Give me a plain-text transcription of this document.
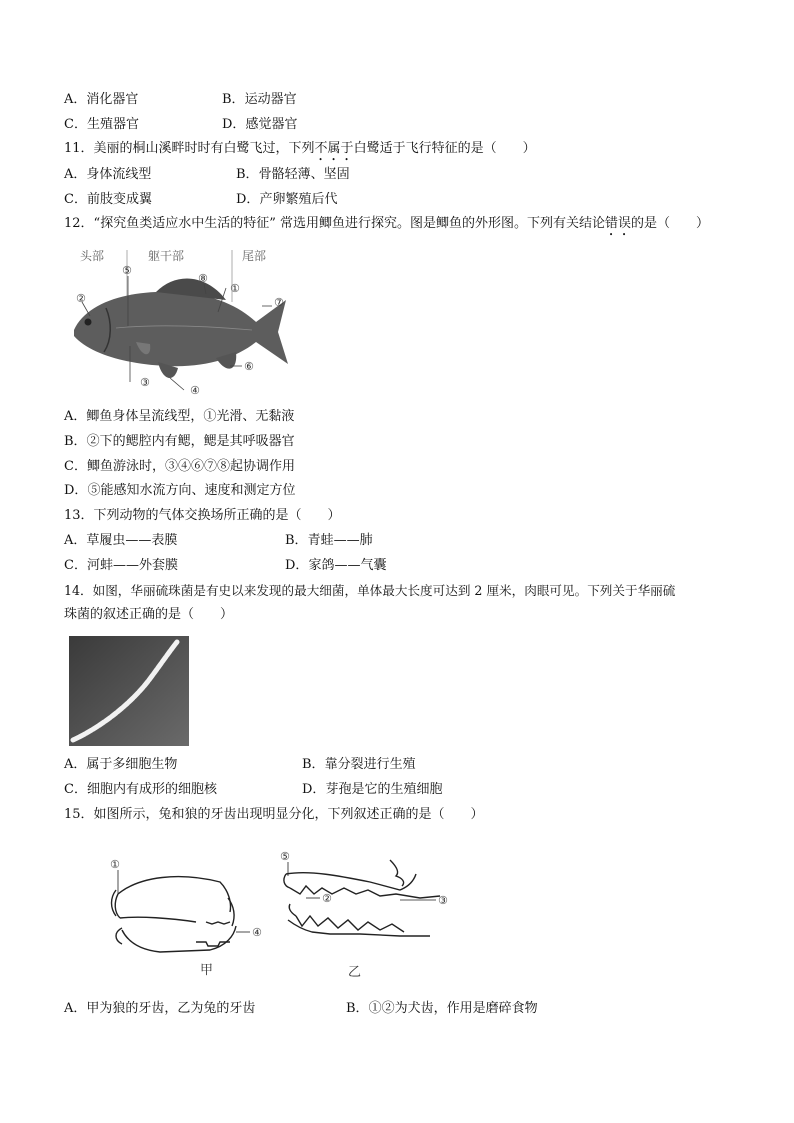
A．消化器官	B．运动器官
C．生殖器官	D．感觉器官
11．美丽的桐山溪畔时时有白鹭飞过，下列不属于白鹭适于飞行特征的是（　　）
A．身体流线型	B．骨骼轻薄、坚固
C．前肢变成翼	D．产卵繁殖后代
12．“探究鱼类适应水中生活的特征” 常选用鲫鱼进行探究。图是鲫鱼的外形图。下列有关结论错误的是（　　）
头部	躯干部	尾部
⑤
②
⑧
①
⑦
③
④
⑥
A．鲫鱼身体呈流线型，①光滑、无黏液
B．②下的鳃腔内有鳃，鳃是其呼吸器官
C．鲫鱼游泳时，③④⑥⑦⑧起协调作用
D．⑤能感知水流方向、速度和测定方位
13．下列动物的气体交换场所正确的是（　　）
A．草履虫——表膜	B．青蛙——肺
C．河蚌——外套膜	D．家鸽——气囊
14．如图，华丽硫珠菌是有史以来发现的最大细菌，单体最大长度可达到 2 厘米，肉眼可见。下列关于华丽硫
珠菌的叙述正确的是（　　）
A．属于多细胞生物	B．靠分裂进行生殖
C．细胞内有成形的细胞核	D．芽孢是它的生殖细胞
15．如图所示，兔和狼的牙齿出现明显分化，下列叙述正确的是（　　）
①
④
甲
⑤
②	③
乙
A．甲为狼的牙齿，乙为兔的牙齿	B．①②为犬齿，作用是磨碎食物
